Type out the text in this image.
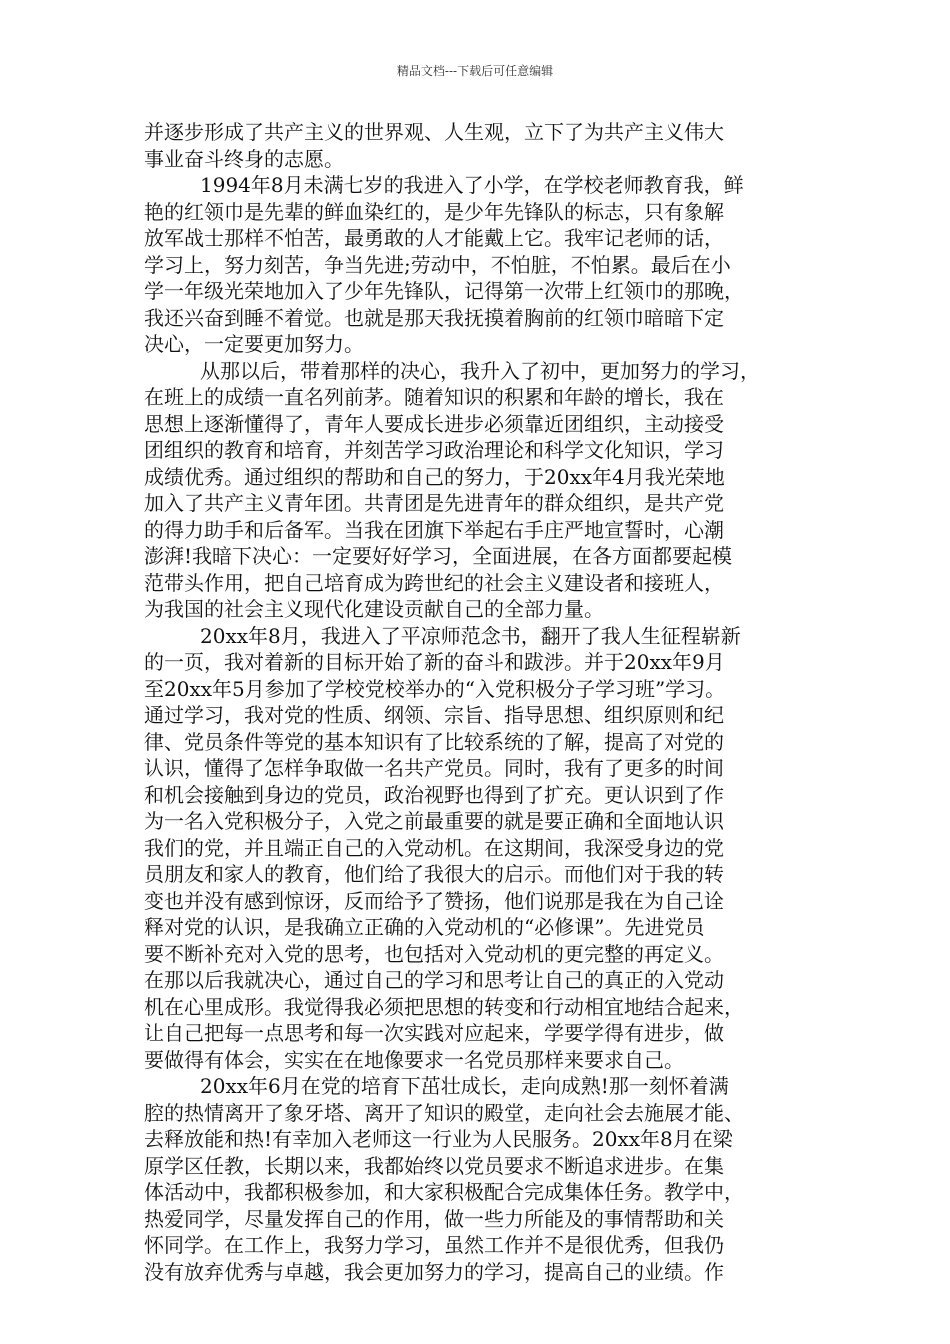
精品文档---下载后可任意编辑
并逐步形成了共产主义的世界观、人生观，立下了为共产主义伟大
事业奋斗终身的志愿。
1994年8月未满七岁的我进入了小学，在学校老师教育我，鲜
艳的红领巾是先辈的鲜血染红的，是少年先锋队的标志，只有象解
放军战士那样不怕苦，最勇敢的人才能戴上它。我牢记老师的话，
学习上，努力刻苦，争当先进;劳动中，不怕脏，不怕累。最后在小
学一年级光荣地加入了少年先锋队，记得第一次带上红领巾的那晚，
我还兴奋到睡不着觉。也就是那天我抚摸着胸前的红领巾暗暗下定
决心，一定要更加努力。
从那以后，带着那样的决心，我升入了初中，更加努力的学习，
在班上的成绩一直名列前茅。随着知识的积累和年龄的增长，我在
思想上逐渐懂得了，青年人要成长进步必须靠近团组织，主动接受
团组织的教育和培育，并刻苦学习政治理论和科学文化知识，学习
成绩优秀。通过组织的帮助和自己的努力，于20xx年4月我光荣地
加入了共产主义青年团。共青团是先进青年的群众组织，是共产党
的得力助手和后备军。当我在团旗下举起右手庄严地宣誓时，心潮
澎湃!我暗下决心：一定要好好学习，全面进展，在各方面都要起模
范带头作用，把自己培育成为跨世纪的社会主义建设者和接班人，
为我国的社会主义现代化建设贡献自己的全部力量。
20xx年8月，我进入了平凉师范念书，翻开了我人生征程崭新
的一页，我对着新的目标开始了新的奋斗和跋涉。并于20xx年9月
至20xx年5月参加了学校党校举办的“入党积极分子学习班”学习。
通过学习，我对党的性质、纲领、宗旨、指导思想、组织原则和纪
律、党员条件等党的基本知识有了比较系统的了解，提高了对党的
认识，懂得了怎样争取做一名共产党员。同时，我有了更多的时间
和机会接触到身边的党员，政治视野也得到了扩充。更认识到了作
为一名入党积极分子，入党之前最重要的就是要正确和全面地认识
我们的党，并且端正自己的入党动机。在这期间，我深受身边的党
员朋友和家人的教育，他们给了我很大的启示。而他们对于我的转
变也并没有感到惊讶，反而给予了赞扬，他们说那是我在为自己诠
释对党的认识，是我确立正确的入党动机的“必修课”。先进党员
要不断补充对入党的思考，也包括对入党动机的更完整的再定义。
在那以后我就决心，通过自己的学习和思考让自己的真正的入党动
机在心里成形。我觉得我必须把思想的转变和行动相宜地结合起来，
让自己把每一点思考和每一次实践对应起来，学要学得有进步，做
要做得有体会，实实在在地像要求一名党员那样来要求自己。
20xx年6月在党的培育下茁壮成长，走向成熟!那一刻怀着满
腔的热情离开了象牙塔、离开了知识的殿堂，走向社会去施展才能、
去释放能和热!有幸加入老师这一行业为人民服务。20xx年8月在梁
原学区任教，长期以来，我都始终以党员要求不断追求进步。在集
体活动中，我都积极参加，和大家积极配合完成集体任务。教学中，
热爱同学，尽量发挥自己的作用，做一些力所能及的事情帮助和关
怀同学。在工作上，我努力学习，虽然工作并不是很优秀，但我仍
没有放弃优秀与卓越，我会更加努力的学习，提高自己的业绩。作
